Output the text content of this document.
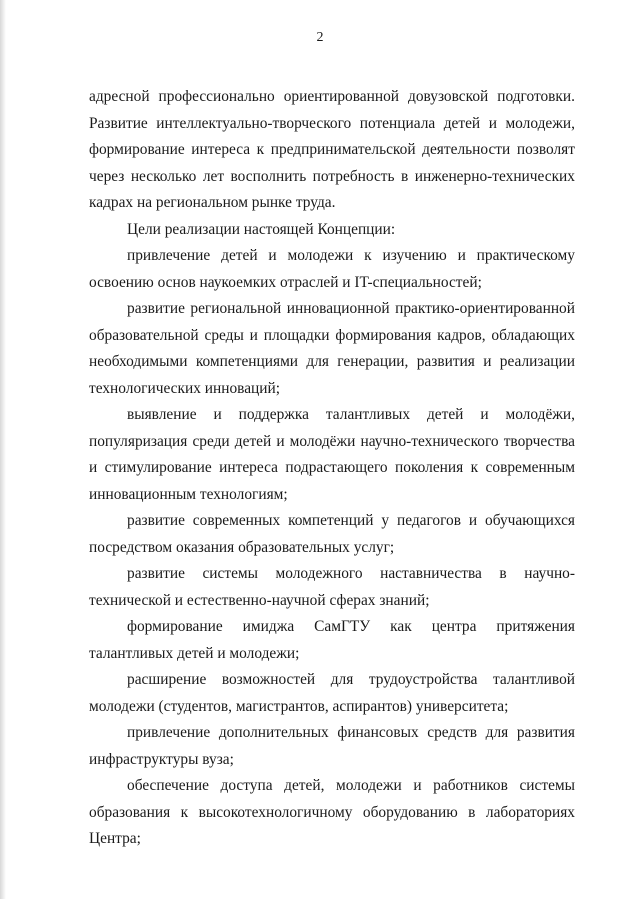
2

адресной профессионально ориентированной довузовской подготовки. Развитие интеллектуально-творческого потенциала детей и молодежи, формирование интереса к предпринимательской деятельности позволят через несколько лет восполнить потребность в инженерно-технических кадрах на региональном рынке труда.

Цели реализации настоящей Концепции:

привлечение детей и молодежи к изучению и практическому освоению основ наукоемких отраслей и IT-специальностей;

развитие региональной инновационной практико-ориентированной образовательной среды и площадки формирования кадров, обладающих необходимыми компетенциями для генерации, развития и реализации технологических инноваций;

выявление и поддержка талантливых детей и молодёжи, популяризация среди детей и молодёжи научно-технического творчества и стимулирование интереса подрастающего поколения к современным инновационным технологиям;

развитие современных компетенций у педагогов и обучающихся посредством оказания образовательных услуг;

развитие системы молодежного наставничества в научно-технической и естественно-научной сферах знаний;

формирование имиджа СамГТУ как центра притяжения талантливых детей и молодежи;

расширение возможностей для трудоустройства талантливой молодежи (студентов, магистрантов, аспирантов) университета;

привлечение дополнительных финансовых средств для развития инфраструктуры вуза;

обеспечение доступа детей, молодежи и работников системы образования к высокотехнологичному оборудованию в лабораториях Центра;
